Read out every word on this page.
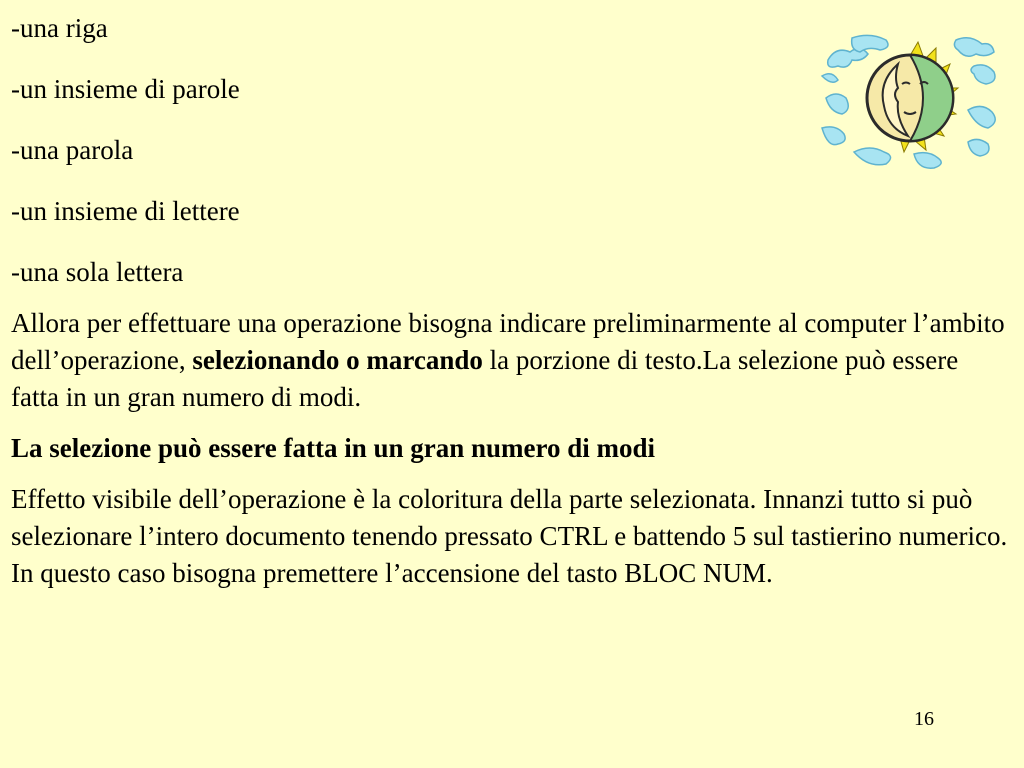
-una riga
-un insieme di parole
-una parola
-un insieme di lettere
-una sola lettera
Allora per effettuare una operazione bisogna indicare preliminarmente al computer l’ambito dell’operazione, selezionando o marcando la porzione di testo.La selezione può essere fatta in un gran numero di modi.
La selezione può essere fatta in un gran numero di modi
Effetto visibile dell’operazione è la coloritura della parte selezionata. Innanzi tutto si può selezionare l’intero documento tenendo pressato CTRL e battendo 5 sul tastierino numerico. In questo caso bisogna premettere l’accensione del tasto BLOC NUM.
16
